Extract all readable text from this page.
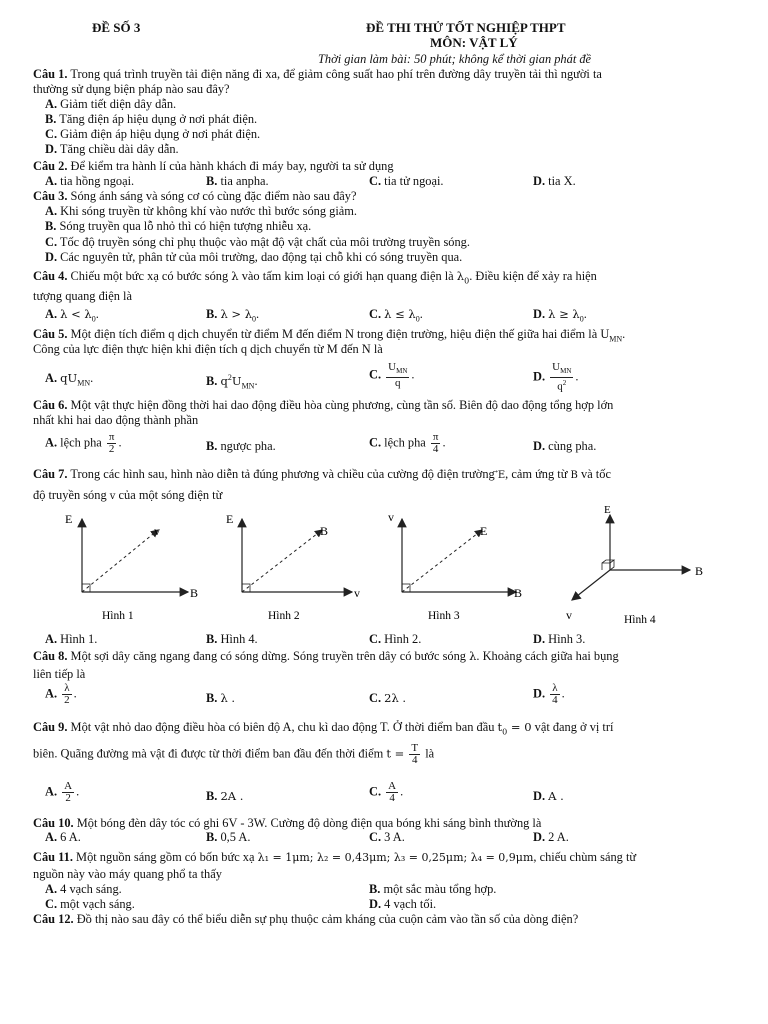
ĐỀ SỐ 3	ĐỀ THI THỬ TỐT NGHIỆP THPT
MÔN: VẬT LÝ
Thời gian làm bài: 50 phút; không kể thời gian phát đề
Câu 1. Trong quá trình truyền tải điện năng đi xa, để giảm công suất hao phí trên đường dây truyền tải thì người ta
thường sử dụng biện pháp nào sau đây?
A. Giảm tiết diện dây dẫn.
B. Tăng điện áp hiệu dụng ở nơi phát điện.
C. Giảm điện áp hiệu dụng ở nơi phát điện.
D. Tăng chiều dài dây dẫn.
Câu 2. Để kiểm tra hành lí của hành khách đi máy bay, người ta sử dụng
A. tia hồng ngoại.	B. tia anpha.	C. tia tử ngoại.	D. tia X.
Câu 3. Sóng ánh sáng và sóng cơ có cùng đặc điểm nào sau đây?
A. Khi sóng truyền từ không khí vào nước thì bước sóng giảm.
B. Sóng truyền qua lỗ nhỏ thì có hiện tượng nhiễu xạ.
C. Tốc độ truyền sóng chỉ phụ thuộc vào mật độ vật chất của môi trường truyền sóng.
D. Các nguyên tử, phân tử của môi trường, dao động tại chỗ khi có sóng truyền qua.
Câu 4. Chiếu một bức xạ có bước sóng λ vào tấm kim loại có giới hạn quang điện là $\lambda_0$. Điều kiện để xảy ra hiện
tượng quang điện là
A. $\lambda < \lambda_0$.	B. $\lambda > \lambda_0$.	C. $\lambda \le \lambda_0$.	D. $\lambda \ge \lambda_0$.
Câu 5. Một điện tích điểm q dịch chuyển từ điểm M đến điểm N trong điện trường, hiệu điện thế giữa hai điểm là $U_{MN}$.
Công của lực điện thực hiện khi điện tích q dịch chuyển từ M đến N là
A. $qU_{MN}$.	B. $q^2U_{MN}$.	C. $\frac{U_{MN}}{q}$ .	D. $\frac{U_{MN}}{q^2}$ .
Câu 6. Một vật thực hiện đồng thời hai dao động điều hòa cùng phương, cùng tần số. Biên độ dao động tổng hợp lớn
nhất khi hai dao động thành phần
A. lệch pha $\frac{\pi}{2}$ .	B. ngược pha.	C. lệch pha $\frac{\pi}{4}$ .	D. cùng pha.
Câu 7. Trong các hình sau, hình nào diễn tả đúng phương và chiều của cường độ điện trường E, cảm ứng từ B và tốc
độ truyền sóng v của một sóng điện từ
E
v
B
Hình 1
E
B
v
Hình 2
v
E
B
Hình 3
E
B
v	Hình 4
A. Hình 1.	B. Hình 4.	C. Hình 2.	D. Hình 3.
Câu 8. Một sợi dây căng ngang đang có sóng dừng. Sóng truyền trên dây có bước sóng λ. Khoảng cách giữa hai bụng
liên tiếp là
A. $\frac{\lambda}{2}$ .	B. λ .	C. 2λ .	D. $\frac{\lambda}{4}$ .
Câu 9. Một vật nhỏ dao động điều hòa có biên độ A, chu kì dao động T. Ở thời điểm ban đầu $t_0 = 0$ vật đang ở vị trí
biên. Quãng đường mà vật đi được từ thời điểm ban đầu đến thời điểm $t = \frac{T}{4}$ là
A. $\frac{A}{2}$ .	B. 2A .	C. $\frac{A}{4}$ .	D. A .
Câu 10. Một bóng đèn dây tóc có ghi 6V - 3W. Cường độ dòng điện qua bóng khi sáng bình thường là
A. 6 A.	B. 0,5 A.	C. 3 A.	D. 2 A.
Câu 11. Một nguồn sáng gồm có bốn bức xạ λ₁ = 1μm; λ₂ = 0,43μm; λ₃ = 0,25μm; λ₄ = 0,9μm, chiếu chùm sáng từ
nguồn này vào máy quang phổ ta thấy
A. 4 vạch sáng.	B. một sắc màu tổng hợp.
C. một vạch sáng.	D. 4 vạch tối.
Câu 12. Đồ thị nào sau đây có thể biểu diễn sự phụ thuộc cảm kháng của cuộn cảm vào tần số của dòng điện?
